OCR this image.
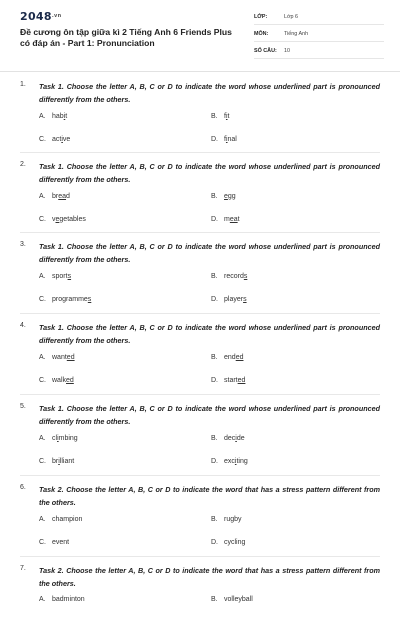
$2048^{.vn}$
Đề cương ôn tập giữa kì 2 Tiếng Anh 6 Friends Plus có đáp án - Part 1: Pronunciation
LỚP:	Lớp 6
MÔN:	Tiếng Anh
SỐ CÂU:	10
1.	Task 1. Choose the letter A, B, C or D to indicate the word whose underlined part is pronounced differently from the others.
A. habit	B. fit
C. active	D. final
2.	Task 1. Choose the letter A, B, C or D to indicate the word whose underlined part is pronounced differently from the others.
A. bread	B. egg
C. vegetables	D. meat
3.	Task 1. Choose the letter A, B, C or D to indicate the word whose underlined part is pronounced differently from the others.
A. sports	B. records
C. programmes	D. players
4.	Task 1. Choose the letter A, B, C or D to indicate the word whose underlined part is pronounced differently from the others.
A. wanted	B. ended
C. walked	D. started
5.	Task 1. Choose the letter A, B, C or D to indicate the word whose underlined part is pronounced differently from the others.
A. climbing	B. decide
C. brilliant	D. exciting
6.	Task 2. Choose the letter A, B, C or D to indicate the word that has a stress pattern different from the others.
A. champion	B. rugby
C. event	D. cycling
7.	Task 2. Choose the letter A, B, C or D to indicate the word that has a stress pattern different from the others.
A. badminton	B. volleyball
